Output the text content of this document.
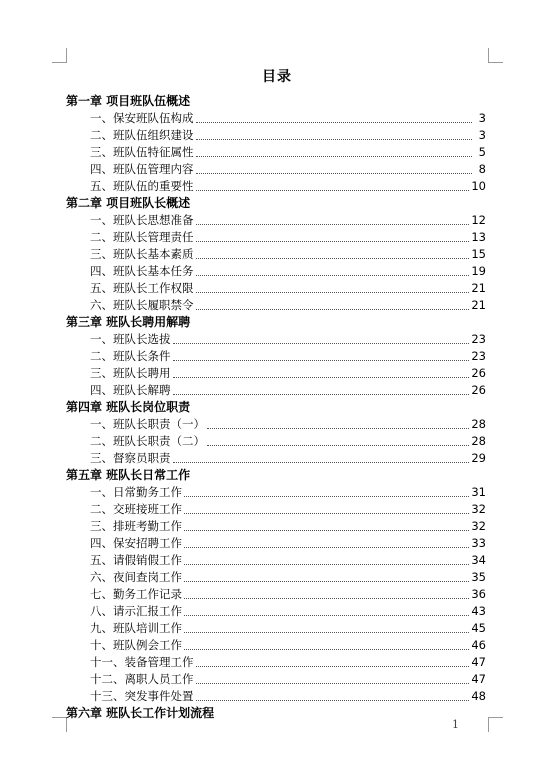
目录
第一章 项目班队伍概述
一、保安班队伍构成	3
二、班队伍组织建设	3
三、班队伍特征属性	5
四、班队伍管理内容	8
五、班队伍的重要性	10
第二章 项目班队长概述
一、班队长思想准备	12
二、班队长管理责任	13
三、班队长基本素质	15
四、班队长基本任务	19
五、班队长工作权限	21
六、班队长履职禁令	21
第三章 班队长聘用解聘
一、班队长选拔	23
二、班队长条件	23
三、班队长聘用	26
四、班队长解聘	26
第四章 班队长岗位职责
一、班队长职责（一）	28
二、班队长职责（二）	28
三、督察员职责	29
第五章 班队长日常工作
一、日常勤务工作	31
二、交班接班工作	32
三、排班考勤工作	32
四、保安招聘工作	33
五、请假销假工作	34
六、夜间查岗工作	35
七、勤务工作记录	36
八、请示汇报工作	43
九、班队培训工作	45
十、班队例会工作	46
十一、装备管理工作	47
十二、离职人员工作	47
十三、突发事件处置	48
第六章 班队长工作计划流程
1
